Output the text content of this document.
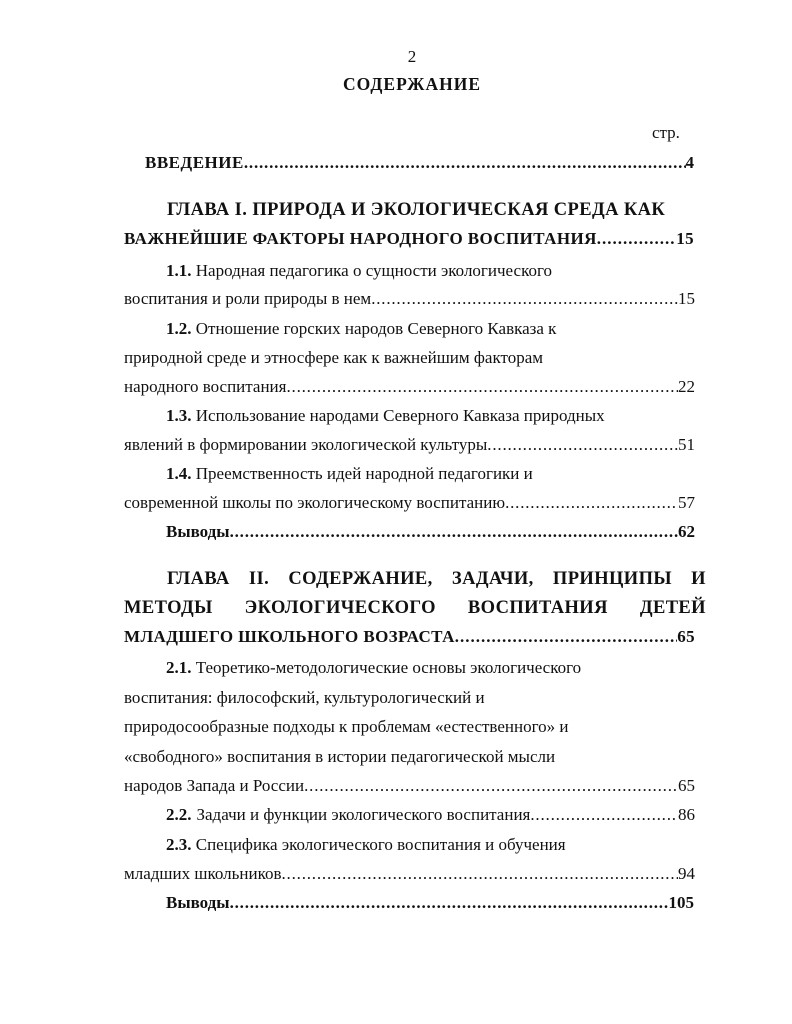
2
СОДЕРЖАНИЕ
стр.
ВВЕДЕНИЕ .....	4
ГЛАВА I. ПРИРОДА И ЭКОЛОГИЧЕСКАЯ СРЕДА КАК
ВАЖНЕЙШИЕ ФАКТОРЫ НАРОДНОГО ВОСПИТАНИЯ .....	15
1.1. Народная педагогика о сущности экологического
воспитания и роли природы в нем .....	15
1.2. Отношение горских народов Северного Кавказа к
природной среде и этносфере как к важнейшим факторам
народного воспитания .....	22
1.3. Использование народами Северного Кавказа природных
явлений в формировании экологической культуры .....	51
1.4. Преемственность идей народной педагогики и
современной школы по экологическому воспитанию .....	57
Выводы .....	62
ГЛАВА II. СОДЕРЖАНИЕ, ЗАДАЧИ, ПРИНЦИПЫ И
МЕТОДЫ ЭКОЛОГИЧЕСКОГО ВОСПИТАНИЯ ДЕТЕЙ
МЛАДШЕГО ШКОЛЬНОГО ВОЗРАСТА .....	65
2.1. Теоретико-методологические основы экологического
воспитания: философский, культурологический и
природосообразные подходы к проблемам «естественного» и
«свободного» воспитания в истории педагогической мысли
народов Запада и России .....	65
2.2. Задачи и функции экологического воспитания .....	86
2.3. Специфика экологического воспитания и обучения
младших школьников .....	94
Выводы .....	105
